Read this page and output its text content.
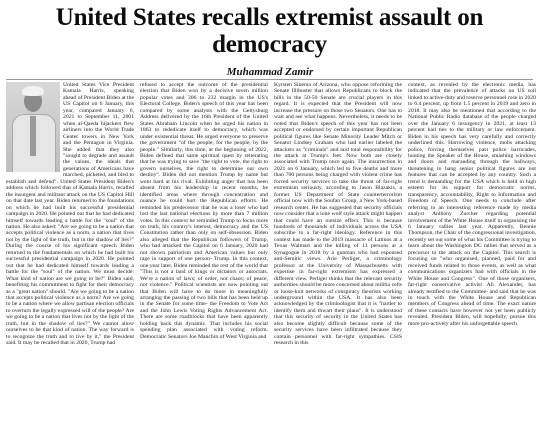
United States recalls extremist assault on democracy
Muhammad Zamir

United States Vice President Kamala Harris, speaking ahead of President Biden at the US Capitol on 6 January, this year, compared January 6, 2021 to September 11, 2001 when al-Qaeda hijackers flew airliners into the World Trade Center towers in New York and the Pentagon in Virginia. She added that they also "sought to degrade and assault the values, the ideals that generations of Americans have marched, picketed, and bled to establish and defend". United States President Biden's address which followed that of Kamala Harris, recalled the insurgent and militant attack on the US Capitol Hill on that date last year. Biden returned to the foundations on which he had built his successful presidential campaign in 2020. He pointed out that he had dedicated himself towards leading a battle for the "soul" of the nation. He also asked: "Are we going to be a nation that accepts political violence as a norm, a nation that lives not by the light of the truth, but in the shadow of lies?" During the course of his significant speech Biden returned to the fundamentals on which he had built his successful presidential campaign in 2020. He pointed out that he had dedicated himself towards leading a battle for the "soul" of the nation. We must decide: What kind of nation are we going to be?" Biden said, benefiting his commitment to fight for their democracy as a "great nation" should. "Are we going to be a nation that accepts political violence as a norm? Are we going to be a nation where we allow partisan election officials to overturn the legally expressed will of the people? Are we going to be a nation that lives not by the light of the truth, but in the shadow of lies?" We cannot allow ourselves to be that kind of nation. The way forward is to recognize the truth and to live by it," the President said. It may be recalled that in 2020, Trump had

refused to accept the outcome of the presidential election that Biden won by a decisive seven million popular votes and 306 to 232 margin in the US's Electoral College. Biden's speech of this year has been compared by some analysts with the Gettysburg Address delivered by the 16th President of the United States Abraham Lincoln when he urged his nation in 1863 to rededicate itself to democracy, which was under existential threat. He urged everyone to preserve the government "of the people, for the people, by the people." Similarly, this time, at the beginning of 2022, Biden defined that same spiritual quest by reiterating that he was trying to save "the right to vote, the right to govern ourselves, the right to determine our own destiny". Biden did not mention Trump by name but went hard at his rival. Exhibiting anger that has been absent from his leadership in recent months, he identified areas where through concentration and nuance he could hurt the Republican efforts. He reminded his predecessor that he was a loser who had lost the last national elections by more than 7 million votes. In this context he reminded Trump to focus more on truth, his country's interest, democracy and the US Constitution rather than only on self-obsession. Biden also alleged that the Republican followers of Trump, who had attacked the Capitol on 6 January, 2020 had not shown patriotism and American values but only rage in support of one person- Trump. In this context, one year later, Biden reminded the rest of the world that "This is not a land of kings or dictators or autocrats. We're a nation of laws; of order, not chaos; of peace, not violence." Political scientists are now pointing out that Biden will have to do more in meaningfully arranging the passing of two bills that has been held up in the Senate for some time- the Freedom to Vote Act and the John Lewis Voting Rights Advancement Act. There are some roadblocks that have been apparently holding back this dynamic. That includes his social spending plan associated with voting reform. Democratic Senators Joe Manchin of West Virginia and

Kyrsten Sinema of Arizona, who oppose reforming the Senate filibuster that allows Republicans to block the bills in the 50-50 Senate are crucial players in this regard. It is expected that the President will now increase the pressure on those two Senators. One has to wait and see what happens. Nevertheless, it needs to be noted that Biden's speech of this year has not been accepted or endorsed by certain important Republican political figures like Senate Minority Leader Mitch or Senator Lindsey Graham who had earlier labeled the attackers as "criminals" and laid total responsibility for the attack at Trump's feet. Now both are closely associated with Trump once again. The insurrection in 2021 on 6 January, which led to five deaths and more than 700 persons being charged with violent crime has forced security services to take the threat of far-right extremism seriously, according to Jason Blazakis, a former US Department of State counterterrorism official now with the Soufan Group, a New York-based research center. He has suggested that security officials now consider that a lone wolf style attack might happen that could have an outsize effect. This is because hundreds of thousands of individuals across the USA subscribe to a far-right ideology. Reference in this context has made to the 2019 massacre of Latinos at a Texas Walmart and the killing of 11 persons at a Synagogue in 2018 by a gunman who had espoused anti-Semitic views. Arie Perliger, a criminology professor at the University of Massachusetts with expertise in far-right extremism has expressed a different view. Perliger thinks that the relevant security authorities should be more concerned about militia cells or loose-knit networks of conspiracy theorists working underground within the USA. It has also been acknowledged by the criminologist that it is "harder to identify them and thwart their plans". It is understood that this security of security in the United States has also become slightly difficult because some of the security services have been infiltrated because they contain personnel with far-right sympathies. CSIS research in this

context, as revealed by the electronic media, has indicated that the prevalence of attacks on US soil linked to active-duty and reserve personnel rose in 2020 to 6.4 percent, up from 1.5 percent in 2019 and zero in 2018. It may also be mentioned that according to the National Public Radio database of the people charged over the January 6 insurgency in 2021, at least 13 percent had ties to the military or law enforcement. Biden in his speech has very carefully and correctly underlined this. Harrowing violence, mobs attacking police, forcing themselves past police barricades, hunting the Speaker of the House, smashing windows and doors and marauding through the hallways, threatening to hang senior political figures are not features that can be accepted by any country. Such a trend is demanding for the USA which is held in high esteem for its support for democratic norms, transparency, accountability, Right to Information and Freedom of Speech. One needs to conclude after referring to an interesting reference made by media analyst Anthony Zurcher regarding potential involvement of the White House itself in organising the 6 January rallies last year. Apparently, Bennie Thompson, the Chair of the congressional investigation, recently set out some of what his Committee is trying to learn about the Washington DC rallies that served as a precursor to the attack on the Capitol. This search is focusing on "who organised, planned, paid for and received funds related to those events, as well as what communications organizers had with officials in the White House and Congress". One of those organisers, far-right conservative activist Ali Alexander, has already testified to the Committee- and said that he was in touch with the White House and Republican members of Congress ahead of time. The exact nature of these contacts have however not yet been publicly revealed. President Biden, will hopefully, pursue this more pro-actively after his unforgettable speech.
